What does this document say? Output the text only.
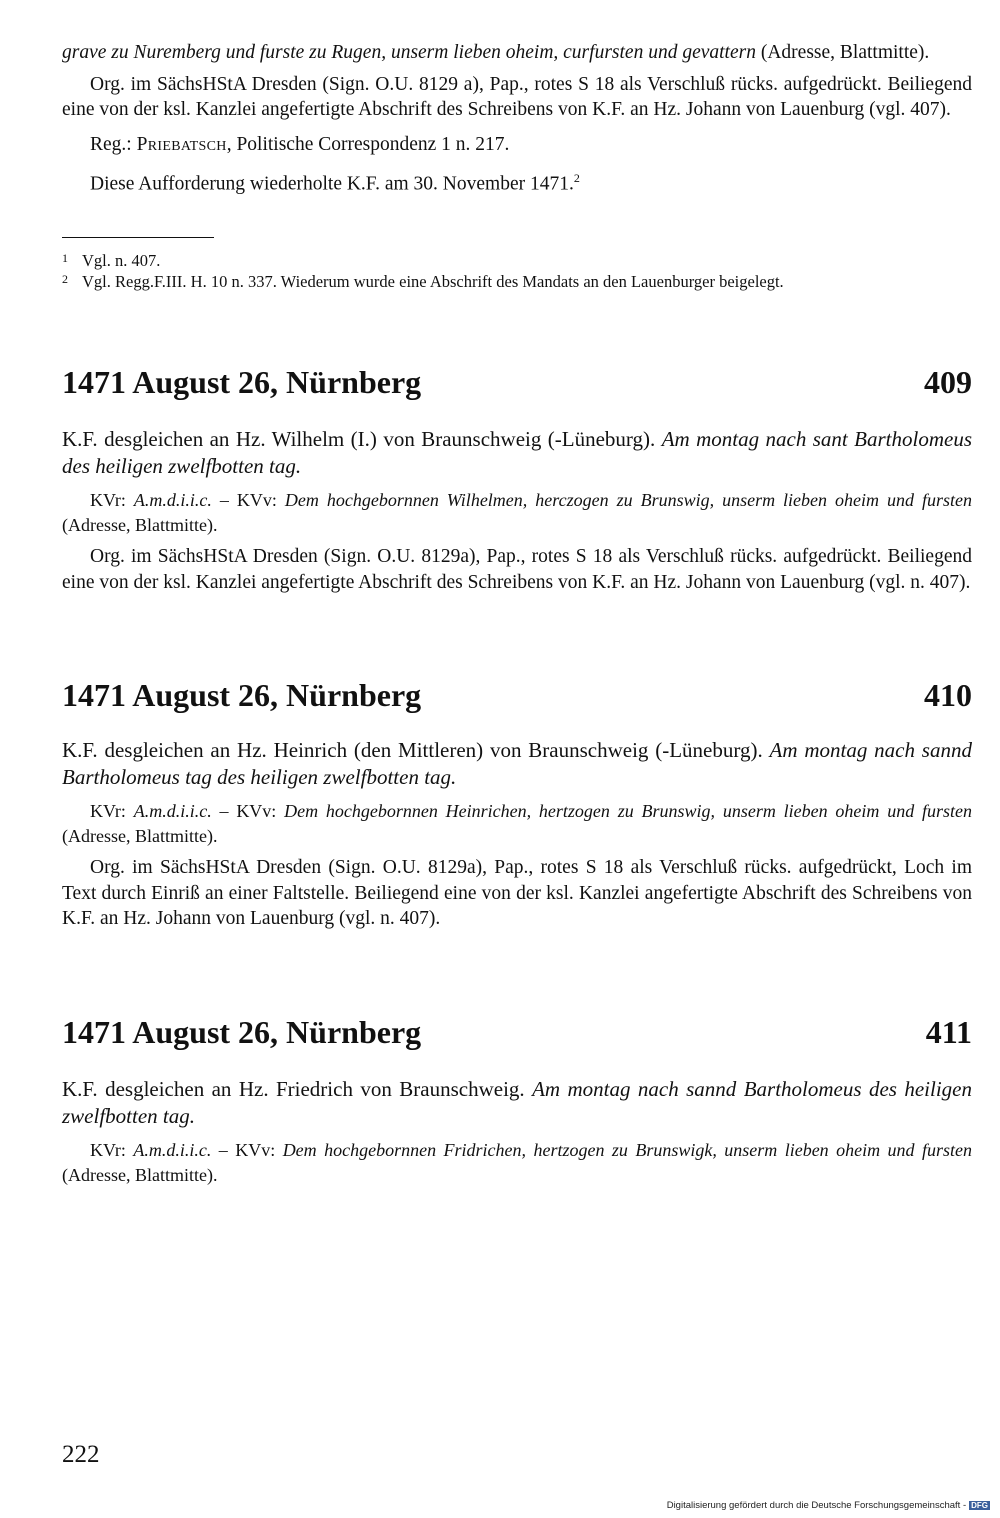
grave zu Nuremberg und furste zu Rugen, unserm lieben oheim, curfursten und gevattern (Adresse, Blattmitte).

Org. im SächsHStA Dresden (Sign. O.U. 8129 a), Pap., rotes S 18 als Verschluß rücks. aufgedrückt. Beiliegend eine von der ksl. Kanzlei angefertigte Abschrift des Schreibens von K.F. an Hz. Johann von Lauenburg (vgl. 407).

Reg.: Priebatsch, Politische Correspondenz 1 n. 217.

Diese Aufforderung wiederholte K.F. am 30. November 1471.$^2$

1 Vgl. n. 407.

2 Vgl. Regg.F.III. H. 10 n. 337. Wiederum wurde eine Abschrift des Mandats an den Lauenburger beigelegt.

1471 August 26, Nürnberg	409

K.F. desgleichen an Hz. Wilhelm (I.) von Braunschweig (-Lüneburg). Am montag nach sant Bartholomeus des heiligen zwelfbotten tag.

KVr: A.m.d.i.i.c. – KVv: Dem hochgebornnen Wilhelmen, herczogen zu Brunswig, unserm lieben oheim und fursten (Adresse, Blattmitte).

Org. im SächsHStA Dresden (Sign. O.U. 8129a), Pap., rotes S 18 als Verschluß rücks. aufgedrückt. Beiliegend eine von der ksl. Kanzlei angefertigte Abschrift des Schreibens von K.F. an Hz. Johann von Lauenburg (vgl. n. 407).

1471 August 26, Nürnberg	410

K.F. desgleichen an Hz. Heinrich (den Mittleren) von Braunschweig (-Lüneburg). Am montag nach sannd Bartholomeus tag des heiligen zwelfbotten tag.

KVr: A.m.d.i.i.c. – KVv: Dem hochgebornnen Heinrichen, hertzogen zu Brunswig, unserm lieben oheim und fursten (Adresse, Blattmitte).

Org. im SächsHStA Dresden (Sign. O.U. 8129a), Pap., rotes S 18 als Verschluß rücks. aufgedrückt, Loch im Text durch Einriß an einer Faltstelle. Beiliegend eine von der ksl. Kanzlei angefertigte Abschrift des Schreibens von K.F. an Hz. Johann von Lauenburg (vgl. n. 407).

1471 August 26, Nürnberg	411

K.F. desgleichen an Hz. Friedrich von Braunschweig. Am montag nach sannd Bartholomeus des heiligen zwelfbotten tag.

KVr: A.m.d.i.i.c. – KVv: Dem hochgebornnen Fridrichen, hertzogen zu Brunswigk, unserm lieben oheim und fursten (Adresse, Blattmitte).

222
Digitalisierung gefördert durch die Deutsche Forschungsgemeinschaft - DFG
